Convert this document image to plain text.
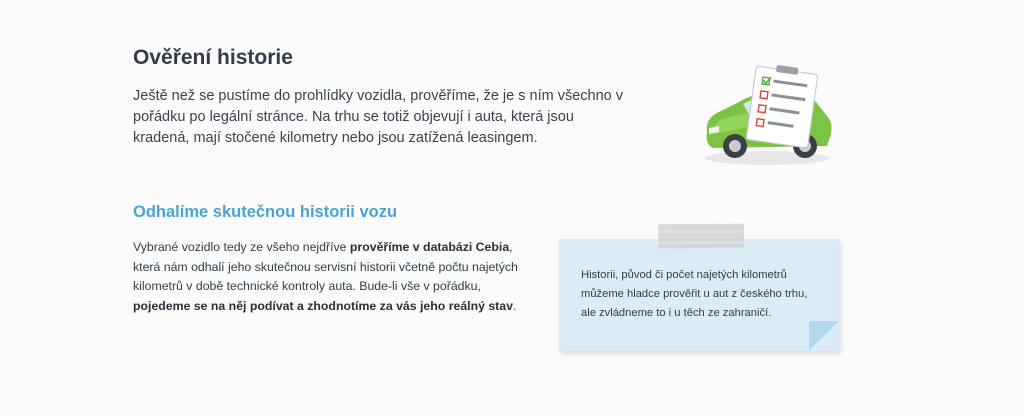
Ověření historie

Ještě než se pustíme do prohlídky vozidla, prověříme, že je s ním všechno v pořádku po legální stránce. Na trhu se totiž objevují i auta, která jsou kradená, mají stočené kilometry nebo jsou zatížená leasingem.

Odhalíme skutečnou historii vozu

Vybrané vozidlo tedy ze všeho nejdříve prověříme v databázi Cebia, která nám odhalí jeho skutečnou servisní historii včetně počtu najetých kilometrů v době technické kontroly auta. Bude-li vše v pořádku, pojedeme se na něj podívat a zhodnotíme za vás jeho reálný stav.

Historii, původ či počet najetých kilometrů můžeme hladce prověřit u aut z českého trhu, ale zvládneme to i u těch ze zahraničí.
